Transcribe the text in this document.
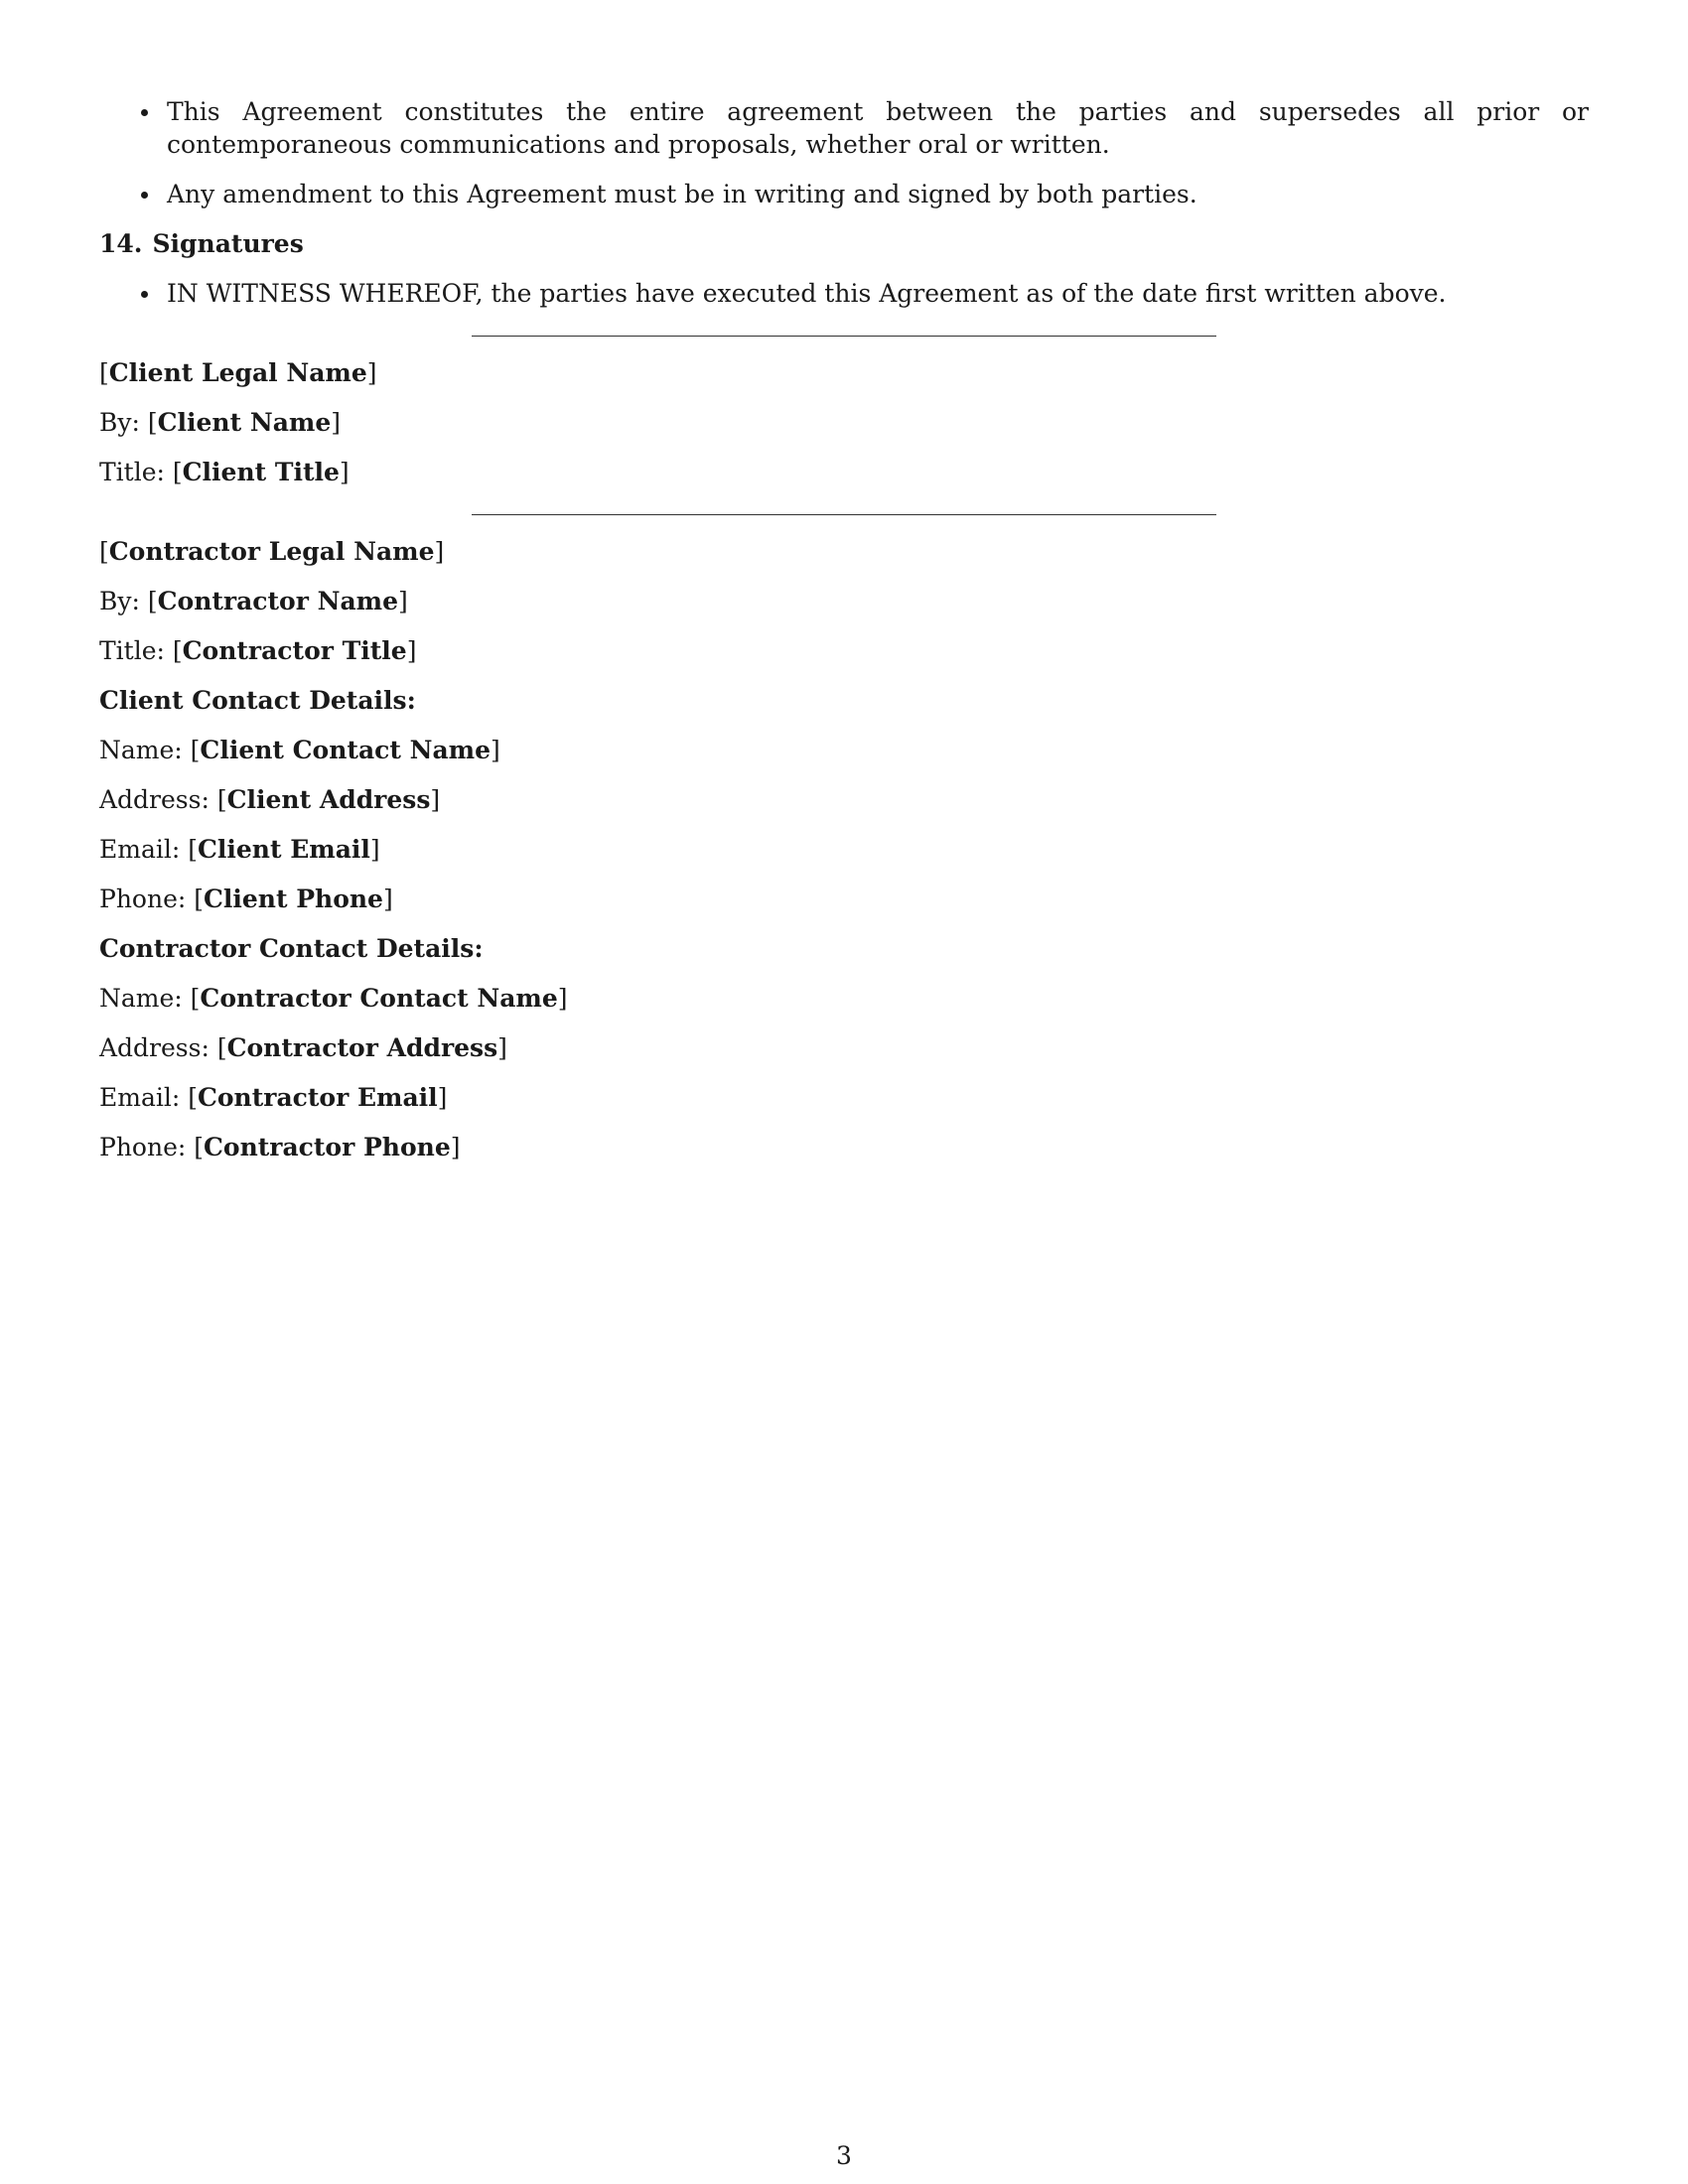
This Agreement constitutes the entire agreement between the parties and supersedes all prior or contemporaneous communications and proposals, whether oral or written.
Any amendment to this Agreement must be in writing and signed by both parties.
14. Signatures
IN WITNESS WHEREOF, the parties have executed this Agreement as of the date first written above.
[Client Legal Name]
By: [Client Name]
Title: [Client Title]
[Contractor Legal Name]
By: [Contractor Name]
Title: [Contractor Title]
Client Contact Details:
Name: [Client Contact Name]
Address: [Client Address]
Email: [Client Email]
Phone: [Client Phone]
Contractor Contact Details:
Name: [Contractor Contact Name]
Address: [Contractor Address]
Email: [Contractor Email]
Phone: [Contractor Phone]
3
